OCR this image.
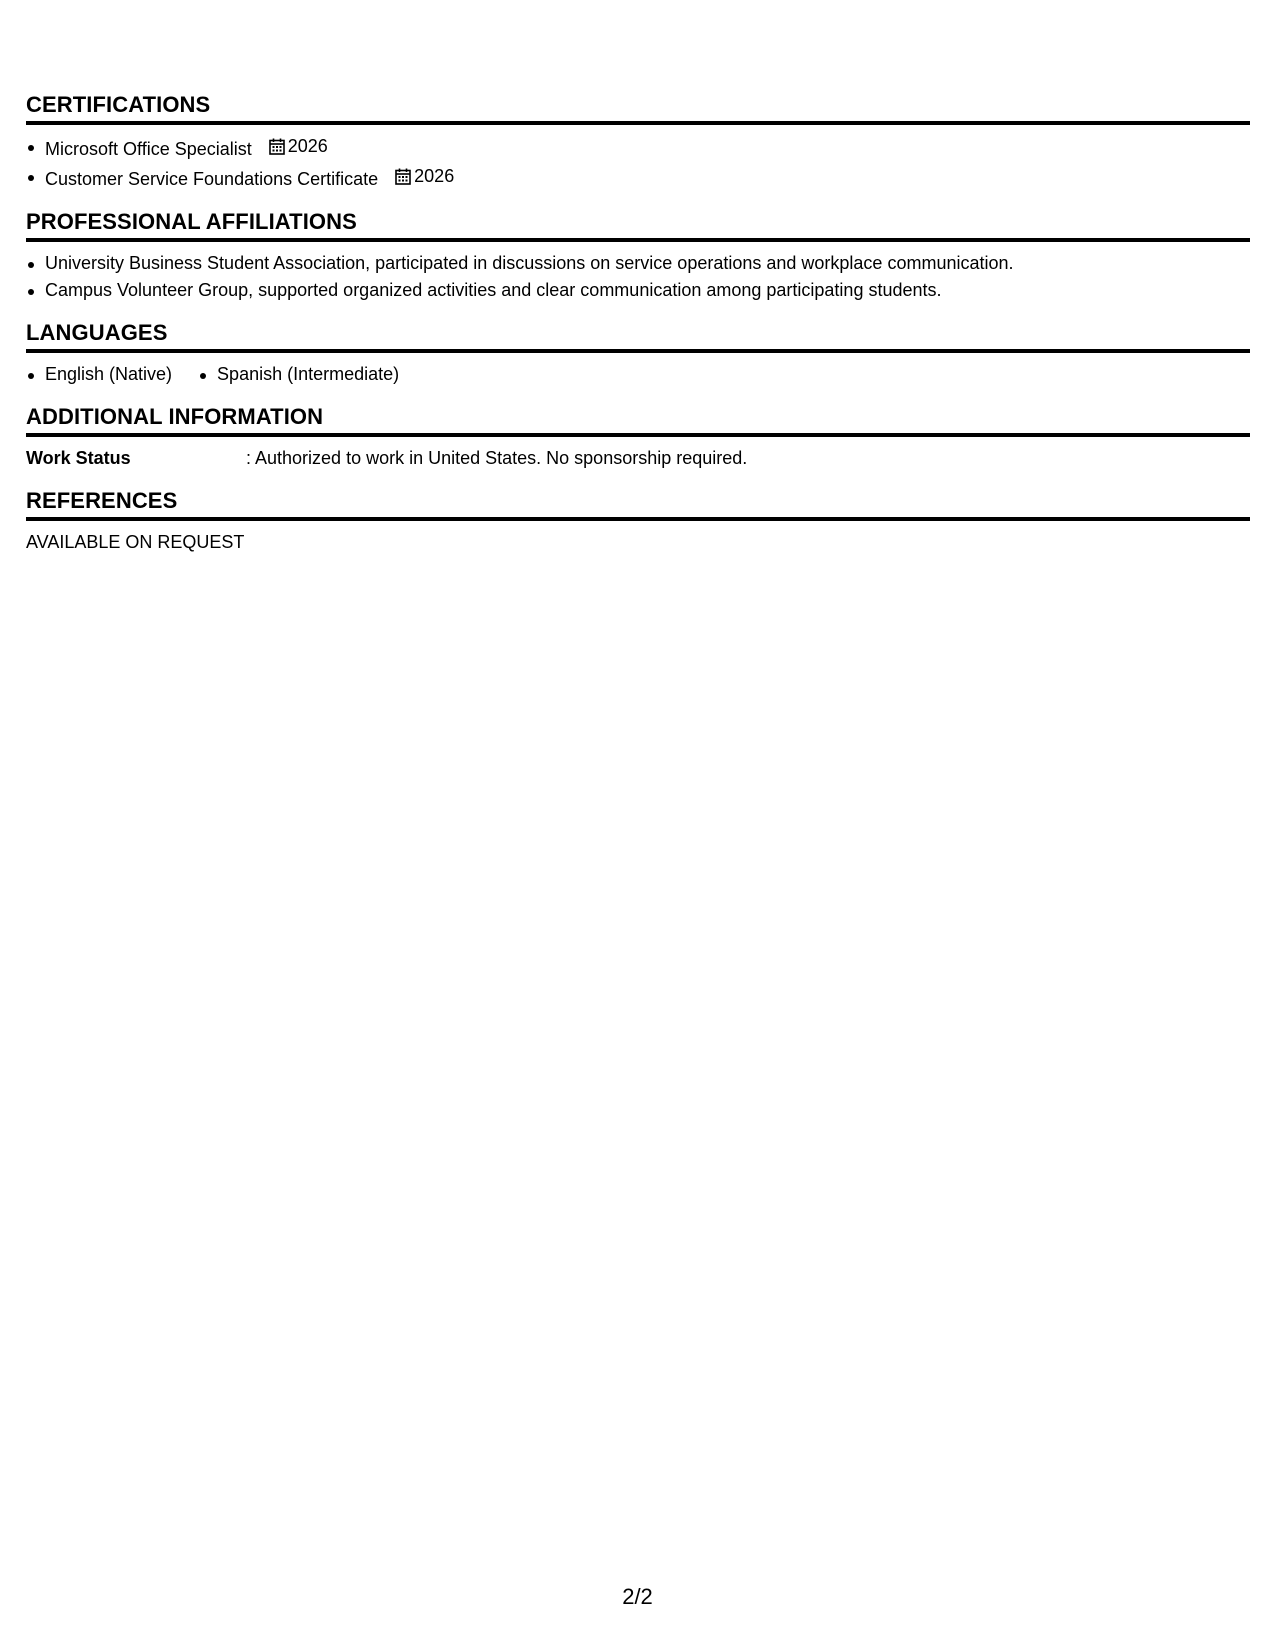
CERTIFICATIONS
Microsoft Office Specialist 2026
Customer Service Foundations Certificate 2026
PROFESSIONAL AFFILIATIONS
University Business Student Association, participated in discussions on service operations and workplace communication.
Campus Volunteer Group, supported organized activities and clear communication among participating students.
LANGUAGES
English (Native)	Spanish (Intermediate)
ADDITIONAL INFORMATION
Work Status	: Authorized to work in United States. No sponsorship required.
REFERENCES
AVAILABLE ON REQUEST
2/2
